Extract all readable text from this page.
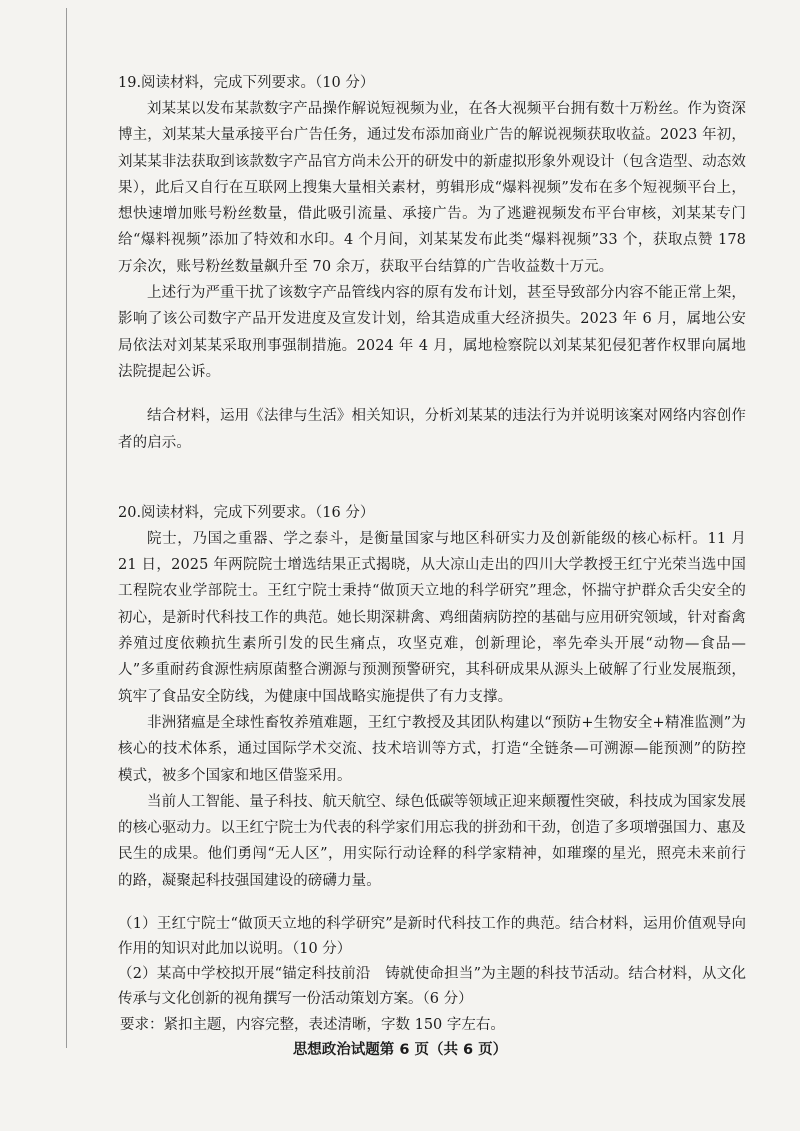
19.阅读材料，完成下列要求。（10 分）

刘某某以发布某款数字产品操作解说短视频为业，在各大视频平台拥有数十万粉丝。作为资深博主，刘某某大量承接平台广告任务，通过发布添加商业广告的解说视频获取收益。2023 年初，刘某某非法获取到该款数字产品官方尚未公开的研发中的新虚拟形象外观设计（包含造型、动态效果），此后又自行在互联网上搜集大量相关素材，剪辑形成“爆料视频”发布在多个短视频平台上，想快速增加账号粉丝数量，借此吸引流量、承接广告。为了逃避视频发布平台审核，刘某某专门给“爆料视频”添加了特效和水印。4 个月间，刘某某发布此类“爆料视频”33 个，获取点赞 178 万余次，账号粉丝数量飙升至 70 余万，获取平台结算的广告收益数十万元。

上述行为严重干扰了该数字产品管线内容的原有发布计划，甚至导致部分内容不能正常上架，影响了该公司数字产品开发进度及宣发计划，给其造成重大经济损失。2023 年 6 月，属地公安局依法对刘某某采取刑事强制措施。2024 年 4 月，属地检察院以刘某某犯侵犯著作权罪向属地法院提起公诉。

结合材料，运用《法律与生活》相关知识，分析刘某某的违法行为并说明该案对网络内容创作者的启示。

20.阅读材料，完成下列要求。（16 分）

院士，乃国之重器、学之泰斗，是衡量国家与地区科研实力及创新能级的核心标杆。11 月 21 日，2025 年两院院士增选结果正式揭晓，从大凉山走出的四川大学教授王红宁光荣当选中国工程院农业学部院士。王红宁院士秉持“做顶天立地的科学研究”理念，怀揣守护群众舌尖安全的初心，是新时代科技工作的典范。她长期深耕禽、鸡细菌病防控的基础与应用研究领域，针对畜禽养殖过度依赖抗生素所引发的民生痛点，攻坚克难，创新理论，率先牵头开展“动物—食品—人”多重耐药食源性病原菌整合溯源与预测预警研究，其科研成果从源头上破解了行业发展瓶颈，筑牢了食品安全防线，为健康中国战略实施提供了有力支撑。

非洲猪瘟是全球性畜牧养殖难题，王红宁教授及其团队构建以“预防+生物安全+精准监测”为核心的技术体系，通过国际学术交流、技术培训等方式，打造“全链条—可溯源—能预测”的防控模式，被多个国家和地区借鉴采用。

当前人工智能、量子科技、航天航空、绿色低碳等领域正迎来颠覆性突破，科技成为国家发展的核心驱动力。以王红宁院士为代表的科学家们用忘我的拼劲和干劲，创造了多项增强国力、惠及民生的成果。他们勇闯“无人区”，用实际行动诠释的科学家精神，如璀璨的星光，照亮未来前行的路，凝聚起科技强国建设的磅礴力量。

（1）王红宁院士“做顶天立地的科学研究”是新时代科技工作的典范。结合材料，运用价值观导向作用的知识对此加以说明。（10 分）
（2）某高中学校拟开展“锚定科技前沿　铸就使命担当”为主题的科技节活动。结合材料，从文化传承与文化创新的视角撰写一份活动策划方案。（6 分）

要求：紧扣主题，内容完整，表述清晰，字数 150 字左右。

思想政治试题第 6 页（共 6 页）
